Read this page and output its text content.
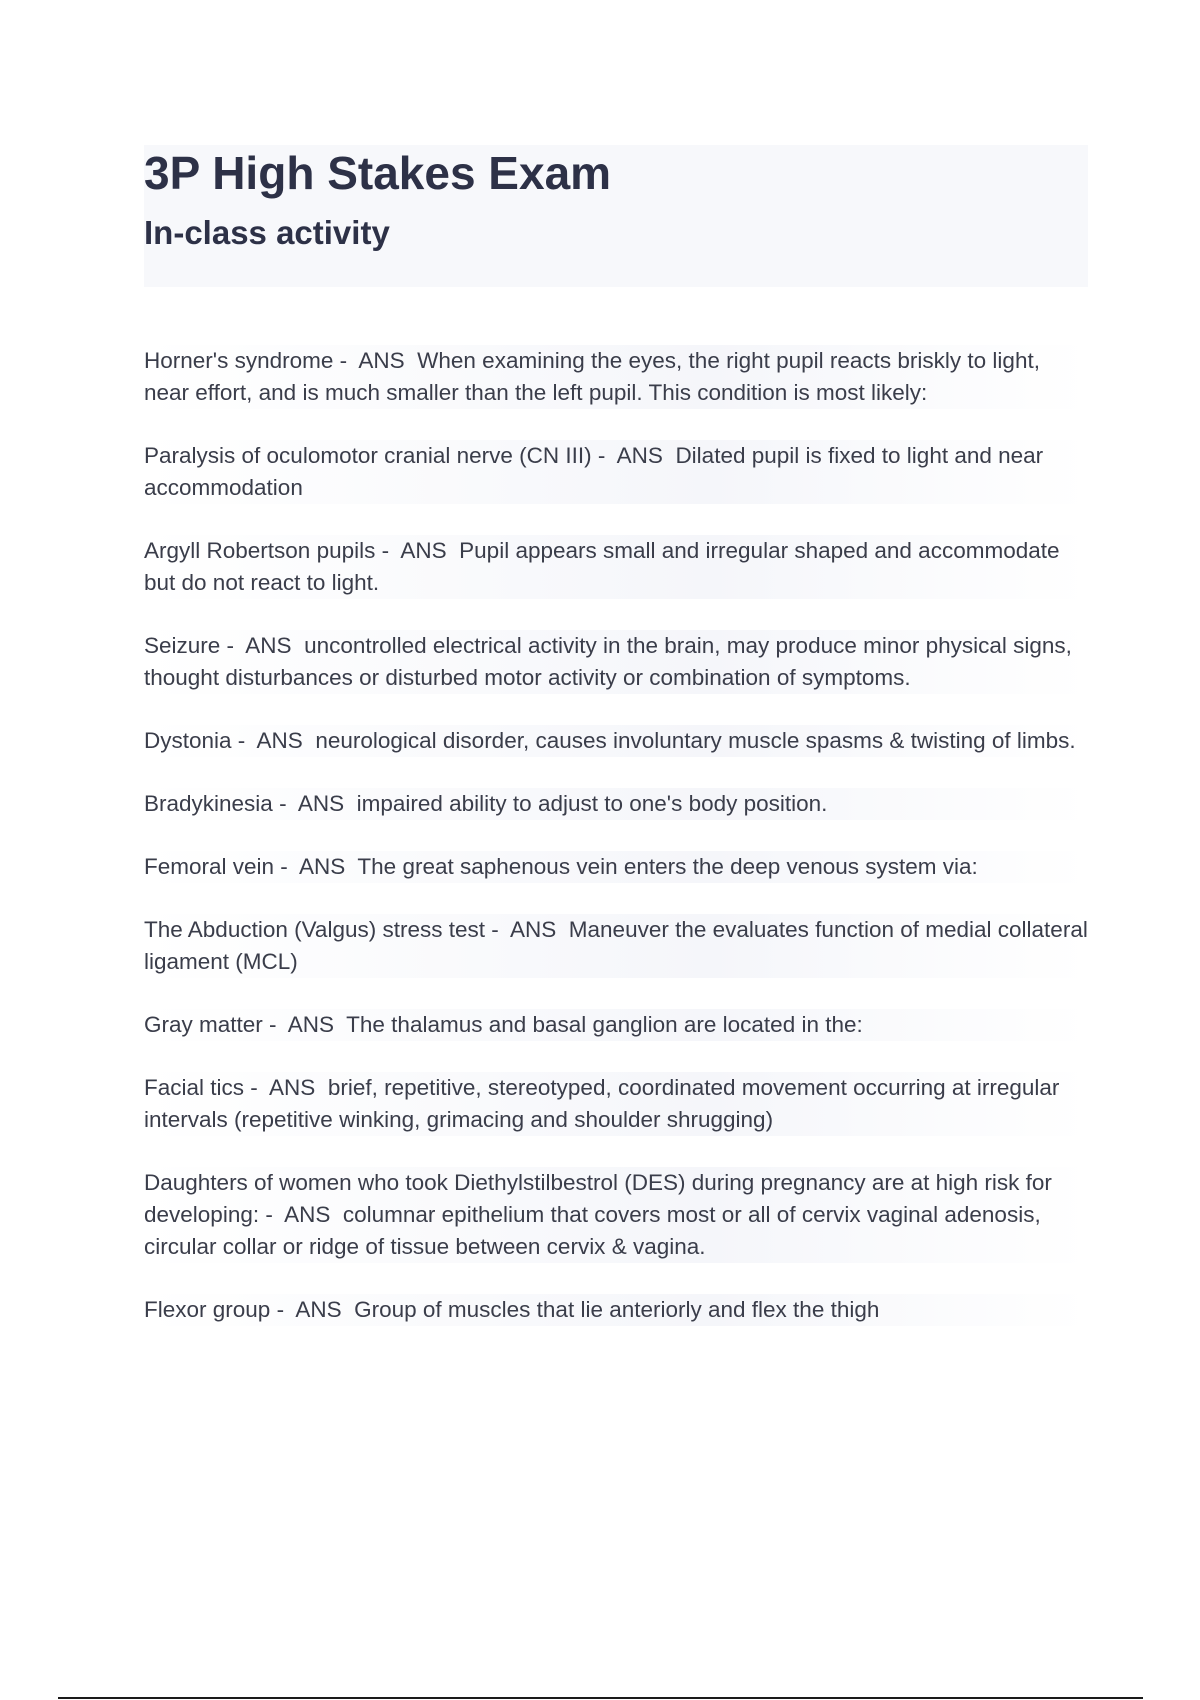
3P High Stakes Exam
In-class activity
Horner's syndrome -  ANS  When examining the eyes, the right pupil reacts briskly to light, near effort, and is much smaller than the left pupil. This condition is most likely:
Paralysis of oculomotor cranial nerve (CN III) -  ANS  Dilated pupil is fixed to light and near accommodation
Argyll Robertson pupils -  ANS  Pupil appears small and irregular shaped and accommodate but do not react to light.
Seizure -  ANS  uncontrolled electrical activity in the brain, may produce minor physical signs, thought disturbances or disturbed motor activity or combination of symptoms.
Dystonia -  ANS  neurological disorder, causes involuntary muscle spasms & twisting of limbs.
Bradykinesia -  ANS  impaired ability to adjust to one's body position.
Femoral vein -  ANS  The great saphenous vein enters the deep venous system via:
The Abduction (Valgus) stress test -  ANS  Maneuver the evaluates function of medial collateral ligament (MCL)
Gray matter -  ANS  The thalamus and basal ganglion are located in the:
Facial tics -  ANS  brief, repetitive, stereotyped, coordinated movement occurring at irregular intervals (repetitive winking, grimacing and shoulder shrugging)
Daughters of women who took Diethylstilbestrol (DES) during pregnancy are at high risk for developing: -  ANS  columnar epithelium that covers most or all of cervix vaginal adenosis, circular collar or ridge of tissue between cervix & vagina.
Flexor group -  ANS  Group of muscles that lie anteriorly and flex the thigh
